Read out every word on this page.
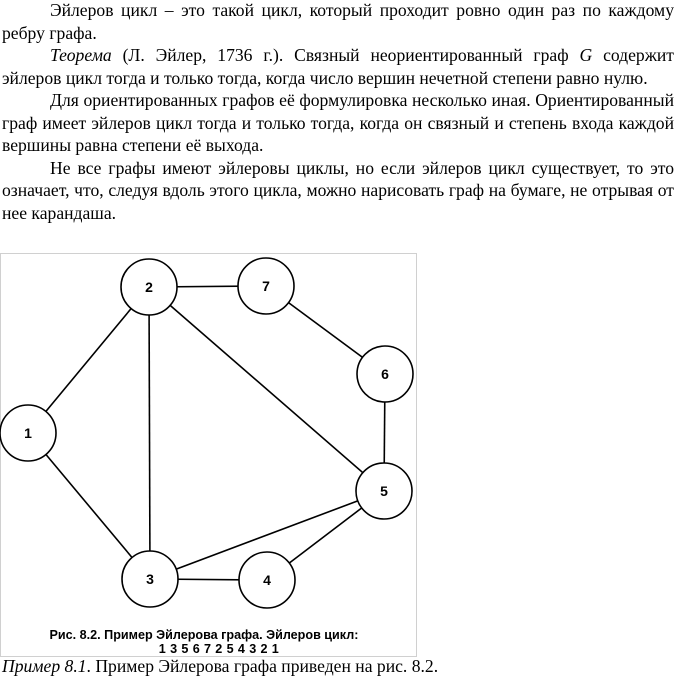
Эйлеров цикл – это такой цикл, который проходит ровно один раз по каждому ребру графа.

Теорема (Л. Эйлер, 1736 г.). Связный неориентированный граф G содержит эйлеров цикл тогда и только тогда, когда число вершин нечетной степени равно нулю.

Для ориентированных графов её формулировка несколько иная. Ориентированный граф имеет эйлеров цикл тогда и только тогда, когда он связный и степень входа каждой вершины равна степени её выхода.

Не все графы имеют эйлеровы циклы, но если эйлеров цикл существует, то это означает, что, следуя вдоль этого цикла, можно нарисовать граф на бумаге, не отрывая от нее карандаша.

1
2
3	4
5
6
7
Рис. 8.2. Пример Эйлерова графа. Эйлеров цикл:
1 3 5 6 7 2 5 4 3 2 1
Пример 8.1. Пример Эйлерова графа приведен на рис. 8.2.
